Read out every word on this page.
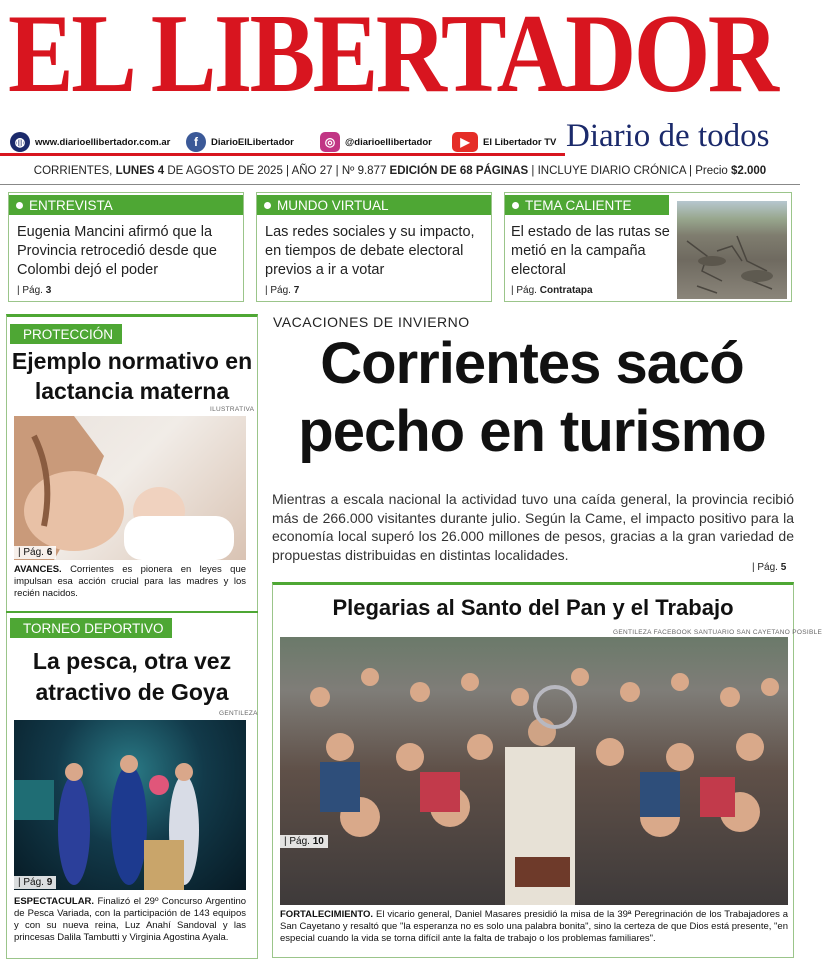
EL LIBERTADOR
Diario de todos
◍	www.diarioellibertador.com.ar	f	DiarioElLibertador	◎	@diarioellibertador	▶	El Libertador TV
CORRIENTES, LUNES 4 DE AGOSTO DE 2025 | AÑO 27 | Nº 9.877 EDICIÓN DE 68 PÁGINAS | INCLUYE DIARIO CRÓNICA | Precio $2.000
ENTREVISTA
Eugenia Mancini afirmó que la Provincia retrocedió desde que Colombi dejó el poder
| Pág. 3
MUNDO VIRTUAL
Las redes sociales y su impacto, en tiempos de debate electoral previos a ir a votar
| Pág. 7
TEMA CALIENTE
El estado de las rutas se metió en la campaña electoral
| Pág. Contratapa
PROTECCIÓN
Ejemplo normativo en lactancia materna
ILUSTRATIVA
| Pág. 6
AVANCES. Corrientes es pionera en leyes que impulsan esa acción crucial para las madres y los recién nacidos.
TORNEO DEPORTIVO
La pesca, otra vez atractivo de Goya
GENTILEZA
| Pág. 9
ESPECTACULAR. Finalizó el 29º Concurso Argentino de Pesca Variada, con la participación de 143 equipos y con su nueva reina, Luz Anahí Sandoval y las princesas Dalila Tambutti y Virginia Agostina Ayala.
VACACIONES DE INVIERNO
Corrientes sacó pecho en turismo
Mientras a escala nacional la actividad tuvo una caída general, la provincia recibió más de 266.000 visitantes durante julio. Según la Came, el impacto positivo para la economía local superó los 26.000 millones de pesos, gracias a la gran variedad de propuestas distribuidas en distintas localidades.
| Pág. 5
Plegarias al Santo del Pan y el Trabajo
GENTILEZA FACEBOOK SANTUARIO SAN CAYETANO POSIBLE
| Pág. 10
FORTALECIMIENTO. El vicario general, Daniel Masares presidió la misa de la 39ª Peregrinación de los Trabajadores a San Cayetano y resaltó que "la esperanza no es solo una palabra bonita", sino la certeza de que Dios está presente, "en especial cuando la vida se torna difícil ante la falta de trabajo o los problemas familiares".
